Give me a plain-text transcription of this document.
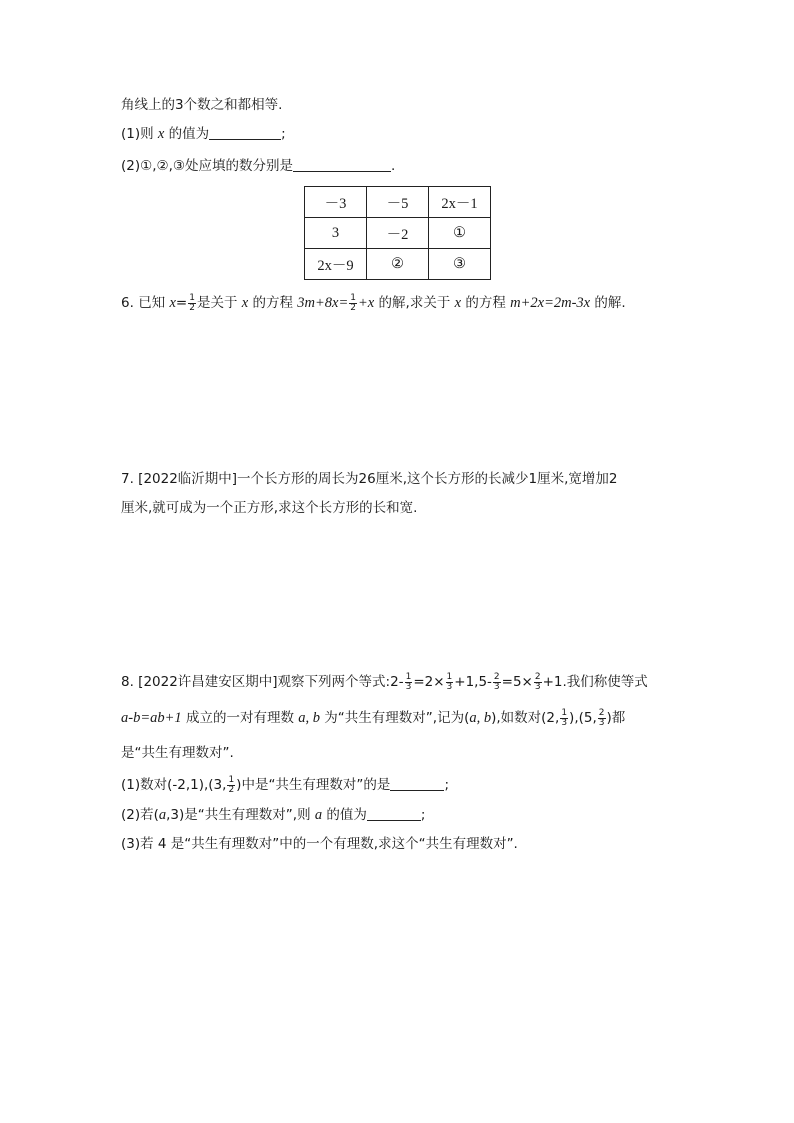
角线上的3个数之和都相等.
(1)则 x 的值为	;
(2)①,②,③处应填的数分别是	.
－3	－5	2x－1
3	－2	①
2x－9	②	③
6. 已知 $x= \frac{1}{2}$ 是关于 x 的方程 $3m+8x= \frac{1}{2} +x$ 的解,求关于 x 的方程 m+2x=2m-3x 的解.
7. [2022临沂期中]一个长方形的周长为26厘米,这个长方形的长减少1厘米,宽增加2
厘米,就可成为一个正方形,求这个长方形的长和宽.
8. [2022许昌建安区期中]观察下列两个等式:2- $\frac{1}{3} =2\times \frac{1}{3} +1,5- \frac{2}{3} =5\times \frac{2}{3} +1$.我们称使等式
a-b=ab+1 成立的一对有理数 a, b 为“共生有理数对”,记为(a, b),如数对(2, $\frac{1}{3} ),(5$, $\frac{2}{3}$ )都
是“共生有理数对”.
(1)数对(-2,1),(3, $\frac{1}{2}$ )中是“共生有理数对”的是	;
(2)若(a,3)是“共生有理数对”,则 a 的值为	;
(3)若 4 是“共生有理数对”中的一个有理数,求这个“共生有理数对”.
